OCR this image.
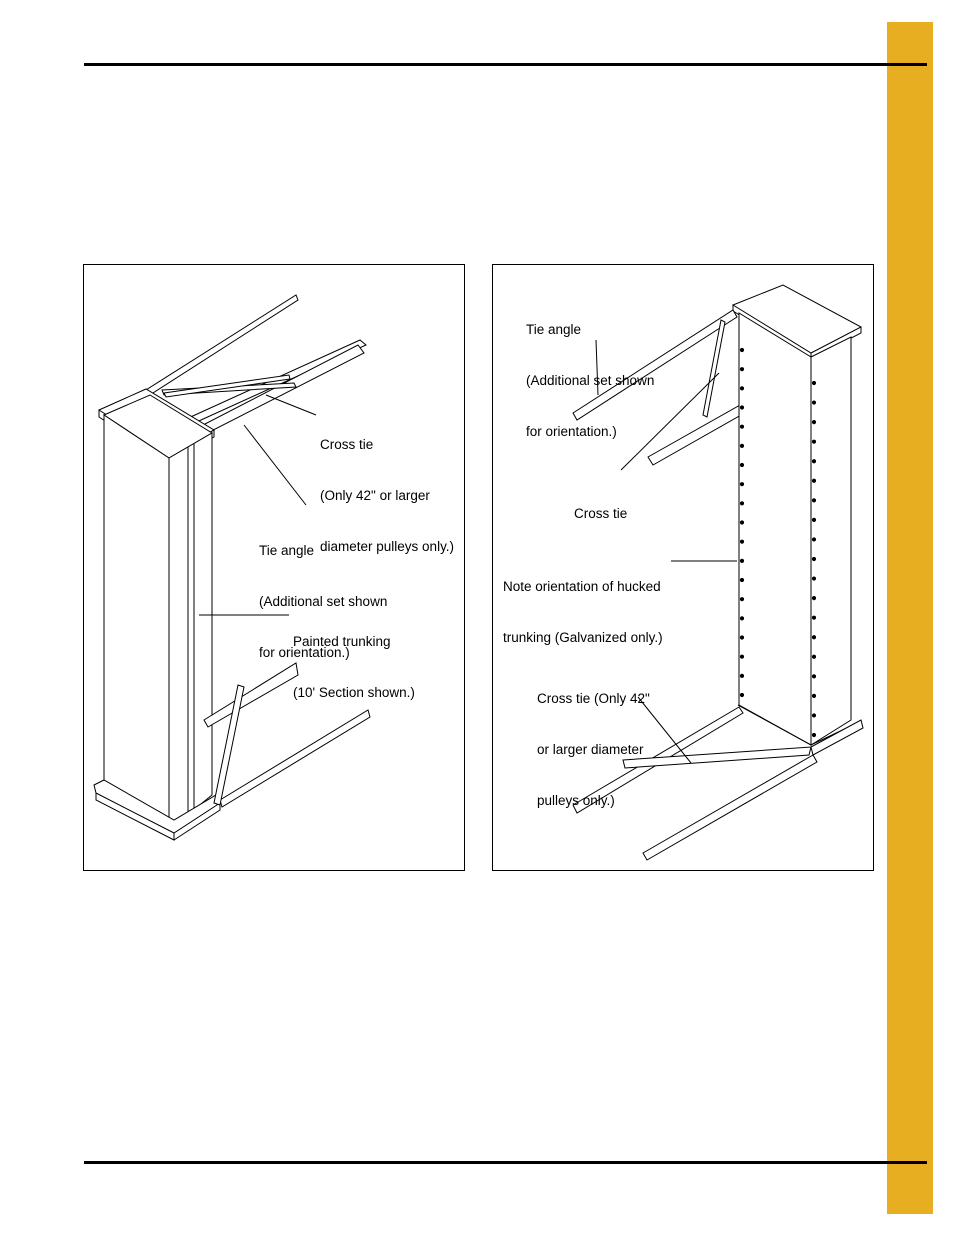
Cross tie

(Only 42" or larger

diameter pulleys only.)

Tie angle

(Additional set shown

for orientation.)

Painted trunking

(10' Section shown.)

Tie angle

(Additional set shown

for orientation.)

Cross tie

Note orientation of hucked

trunking (Galvanized only.)

Cross tie (Only 42"

or larger diameter

pulleys only.)
